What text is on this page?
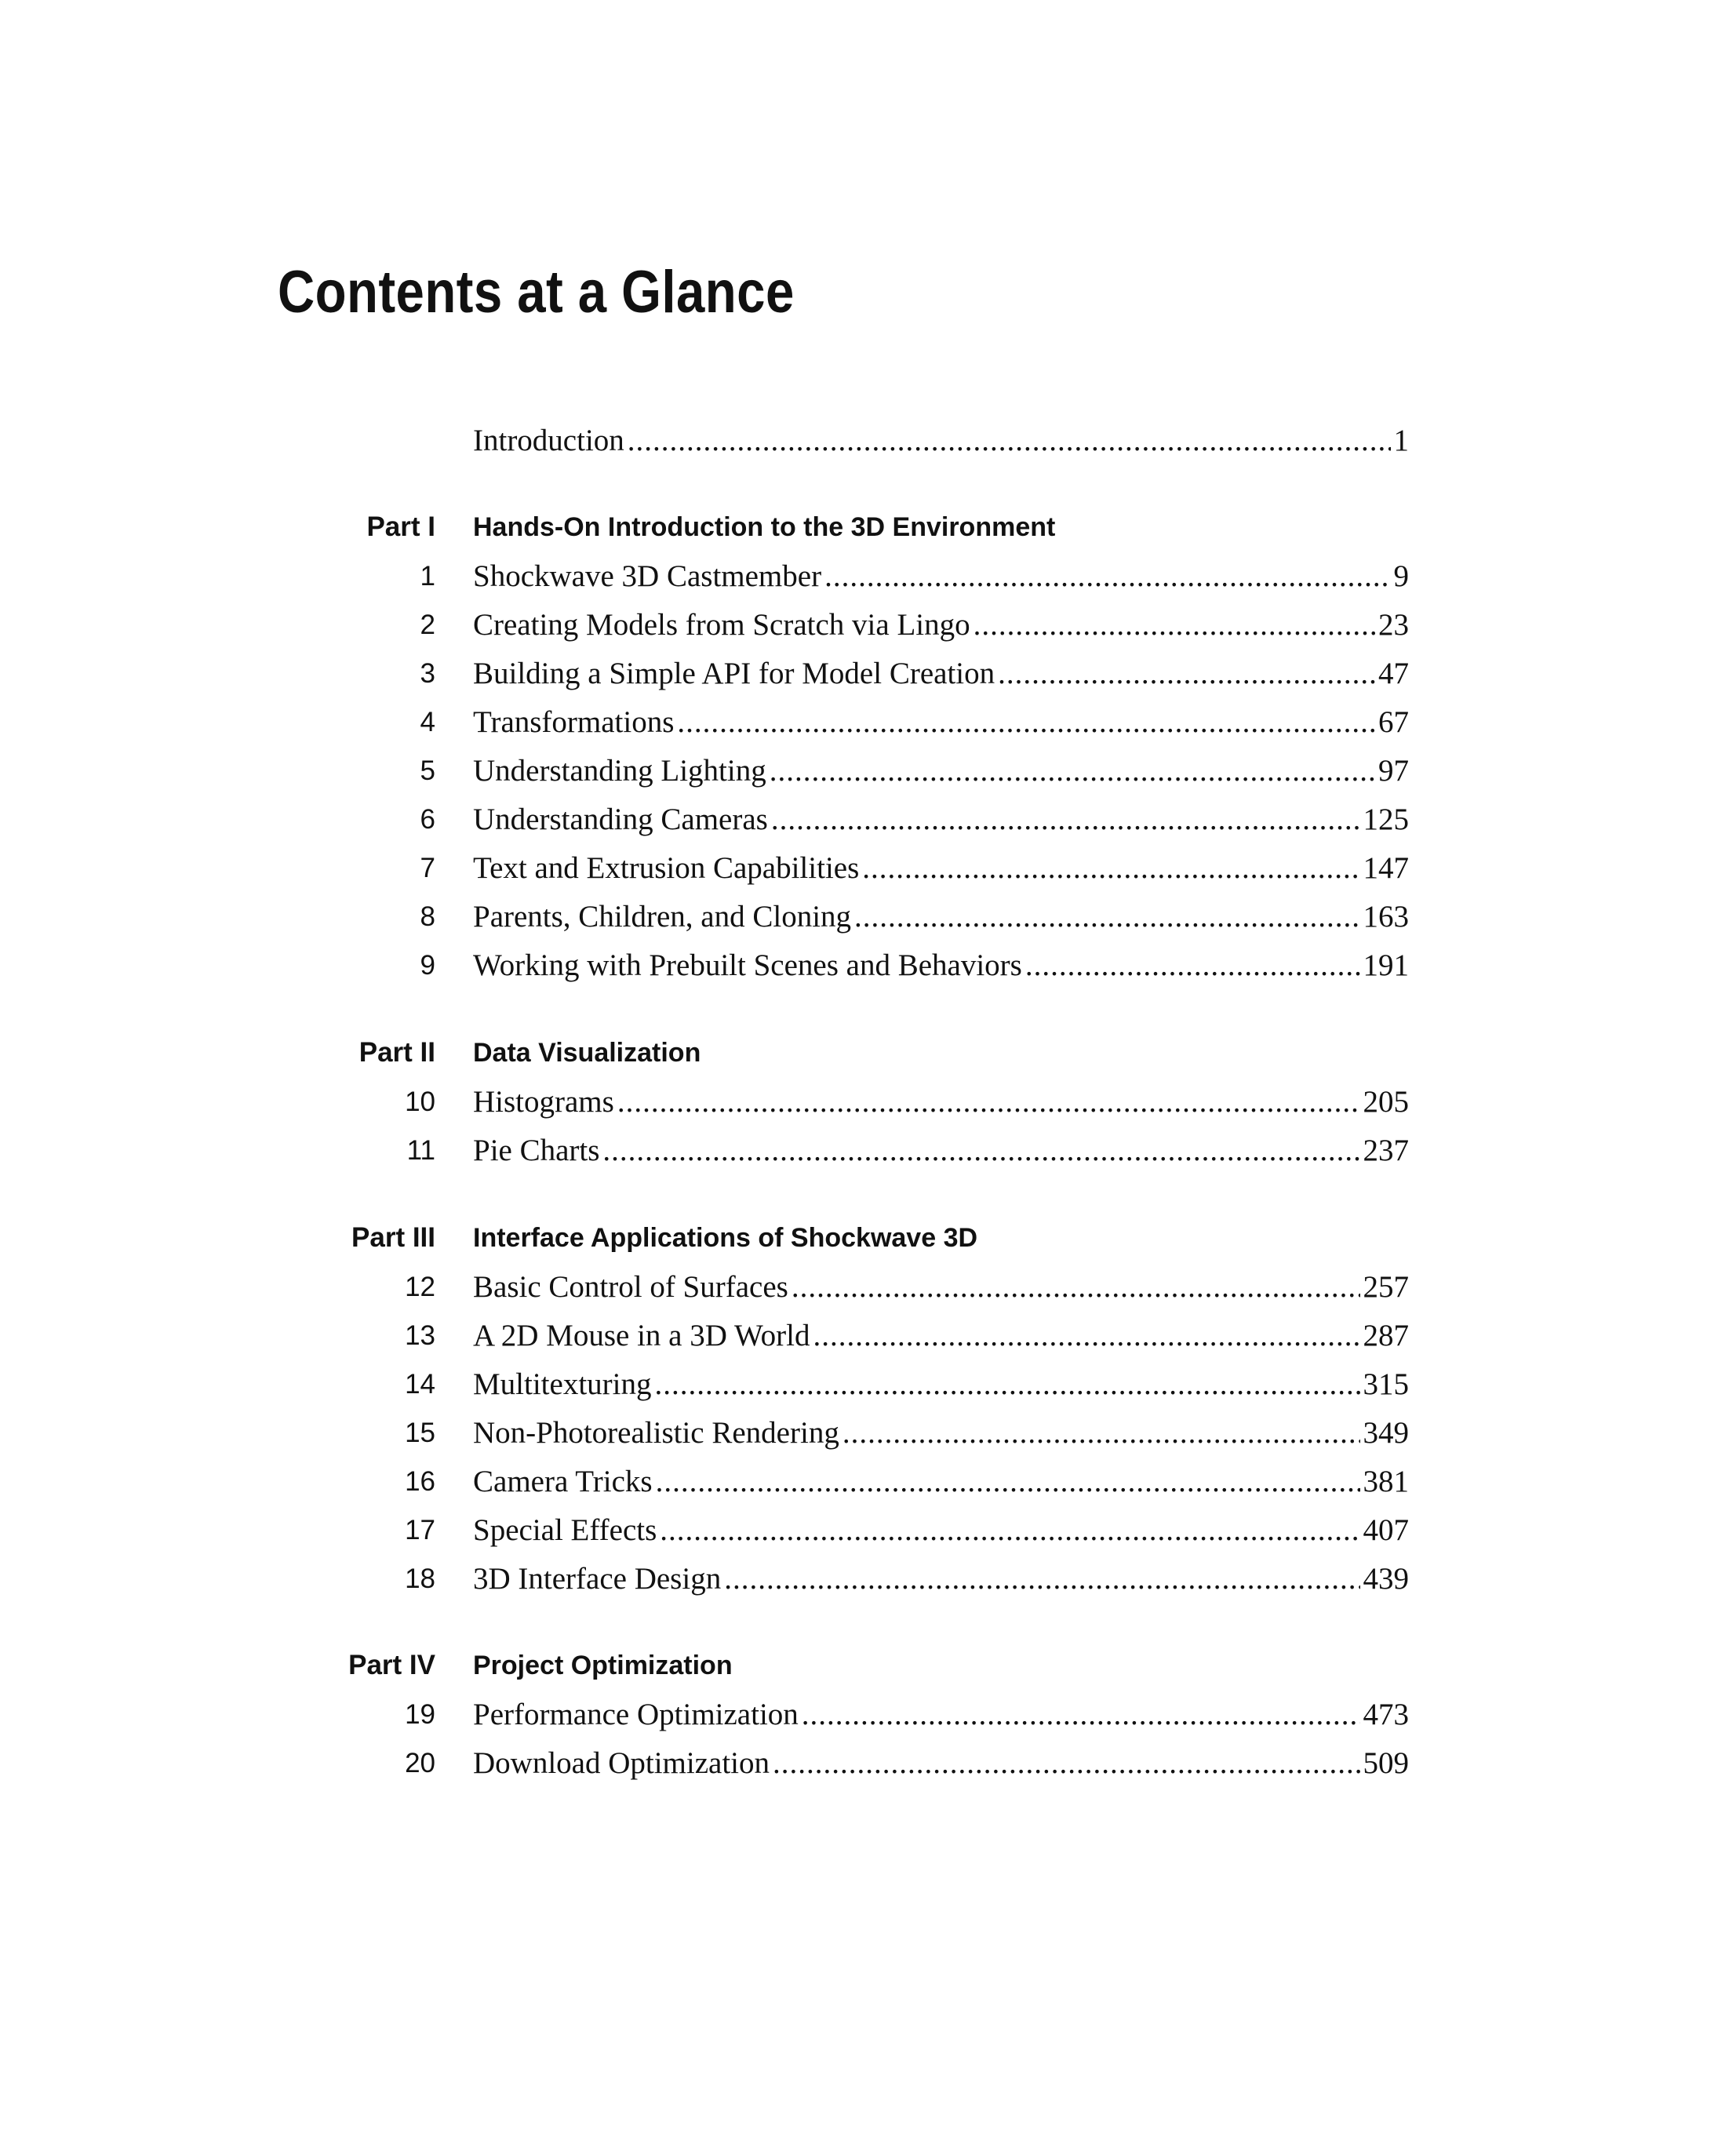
Contents at a Glance
Introduction .....	1
Part I Hands-On Introduction to the 3D Environment
1 Shockwave 3D Castmember .....	9
2 Creating Models from Scratch via Lingo .....	23
3 Building a Simple API for Model Creation .....	47
4 Transformations .....	67
5 Understanding Lighting .....	97
6 Understanding Cameras .....	125
7 Text and Extrusion Capabilities .....	147
8 Parents, Children, and Cloning .....	163
9 Working with Prebuilt Scenes and Behaviors .....	191
Part II Data Visualization
10 Histograms .....	205
11 Pie Charts .....	237
Part III Interface Applications of Shockwave 3D
12 Basic Control of Surfaces .....	257
13 A 2D Mouse in a 3D World .....	287
14 Multitexturing .....	315
15 Non-Photorealistic Rendering .....	349
16 Camera Tricks .....	381
17 Special Effects .....	407
18 3D Interface Design .....	439
Part IV Project Optimization
19 Performance Optimization .....	473
20 Download Optimization .....	509
